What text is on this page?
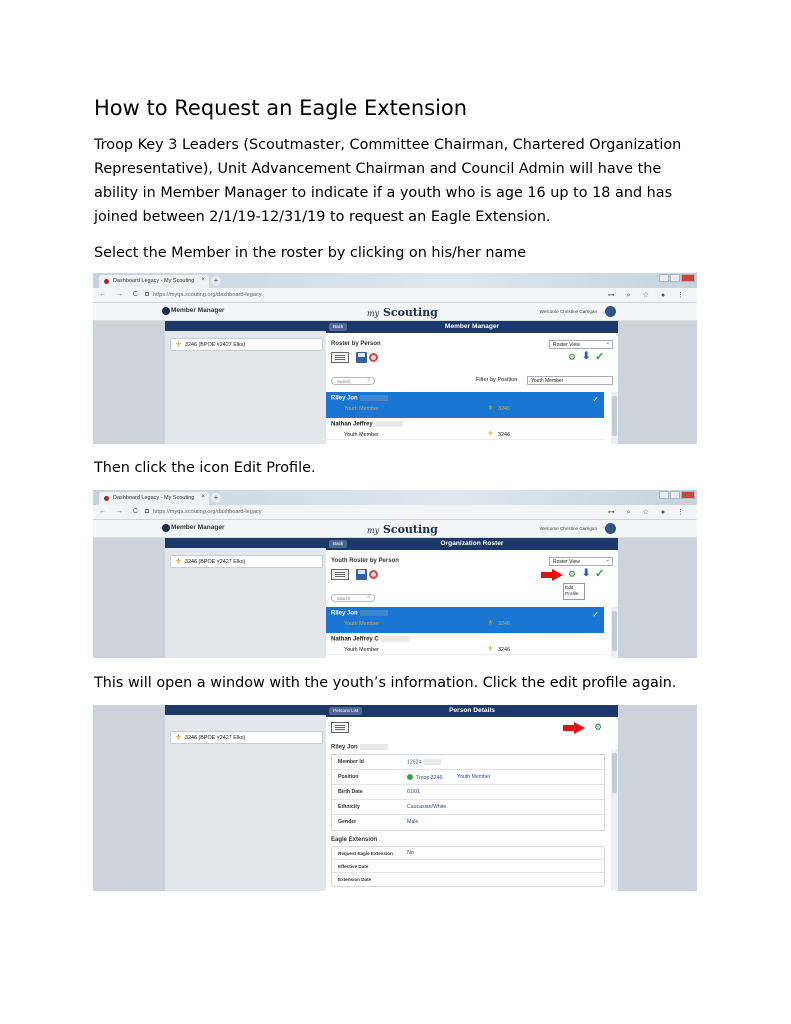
How to Request an Eagle Extension
Troop Key 3 Leaders (Scoutmaster, Committee Chairman, Chartered Organization Representative), Unit Advancement Chairman and Council Admin will have the ability in Member Manager to indicate if a youth who is age 16 up to 18 and has joined between 2/1/19-12/31/19 to request an Eagle Extension.
Select the Member in the roster by clicking on his/her name
Dashboard Legacy - My Scouting ×	+
← → C	https://myqa.scouting.org/dashboard-legacy	⊶ ⌕ ☆ ● ⋮
Member Manager	my Scouting	Welcome Christine Carrigan
⚜ 3246 (BPOE #2427 Elks)
Back	Member Manager
Roster by Person	Roster View ⌄
⚙ ⬇ ✓
Search ⌕	Filter by Position	Youth Member
Riley Jon
Youth Member	⚜ 3246
✓
Nathan Jeffrey
Youth Member	⚜ 3246
Then click the icon Edit Profile.
Dashboard Legacy - My Scouting ×	+
← → C	https://myqa.scouting.org/dashboard-legacy	⊶ ⌕ ☆ ● ⋮
Member Manager	my Scouting	Welcome Christine Carrigan
⚜ 3246 (BPOE #2427 Elks)
Back	Organization Roster
Youth Roster by Person	Roster View ⌄
⚙ ⬇ ✓
Edit
Profile
Search ⌕
Riley Jon
Youth Member	⚜ 3246
✓
Nathan Jeffrey C
Youth Member	⚜ 3246
This will open a window with the youth’s information. Click the edit profile again.
⚜ 3246 (BPOE #2427 Elks)
Persons List	Person Details
⚙
Riley Jon
Member Id	12624
Position	Troop 3246	Youth Member
Birth Date	01/01
Ethnicity	Caucasian/White
Gender	Male
Eagle Extension
Request Eagle Extension	No
Effective Date
Extension Date
